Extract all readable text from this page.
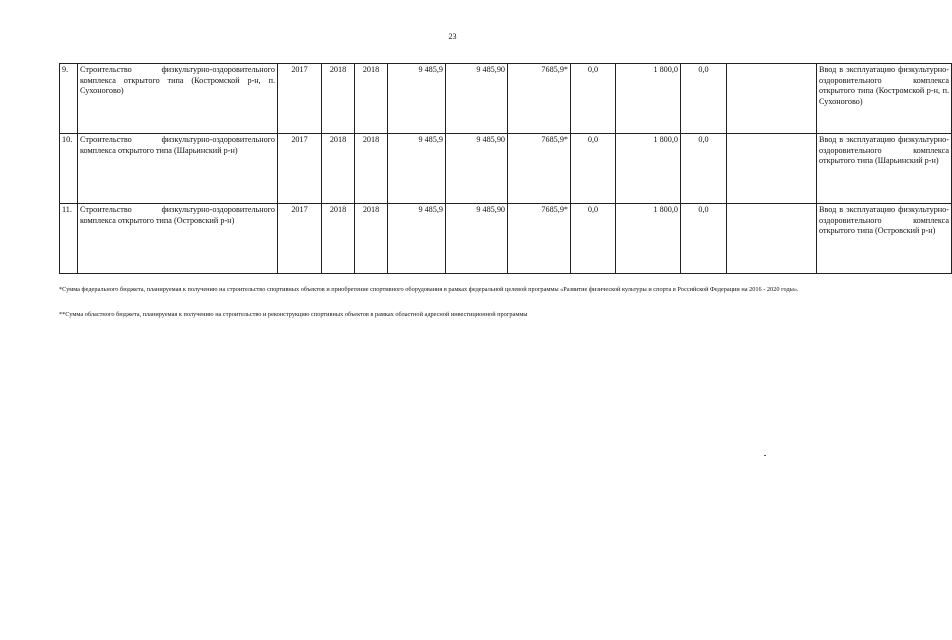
23
9.	Строительство физкультурно-оздоровительного комплекса открытого типа (Костромской р-н, п. Сухоногово)	2017	2018	2018	9 485,9	9 485,90	7685,9*	0,0	1 800,0	0,0		Ввод в эксплуатацию физкультурно-оздоровительного комплекса открытого типа (Костромской р-н, п. Сухоногово)
10.	Строительство физкультурно-оздоровительного комплекса открытого типа (Шарьинский р-н)	2017	2018	2018	9 485,9	9 485,90	7685,9*	0,0	1 800,0	0,0		Ввод в эксплуатацию физкультурно-оздоровительного комплекса открытого типа (Шарьинский р-н)
11.	Строительство физкультурно-оздоровительного комплекса открытого типа (Островский р-н)	2017	2018	2018	9 485,9	9 485,90	7685,9*	0,0	1 800,0	0,0		Ввод в эксплуатацию физкультурно-оздоровительного комплекса открытого типа (Островский р-н)
*Сумма федерального бюджета, планируемая к получению на строительство спортивных объектов и приобретение спортивного оборудования в рамках федеральной целевой программы «Развитие физической культуры и спорта в Российской Федерации на 2016 - 2020 годы».
**Сумма областного бюджета, планируемая к получению на строительство и реконструкцию спортивных объектов в рамках областной адресной инвестиционной программы
